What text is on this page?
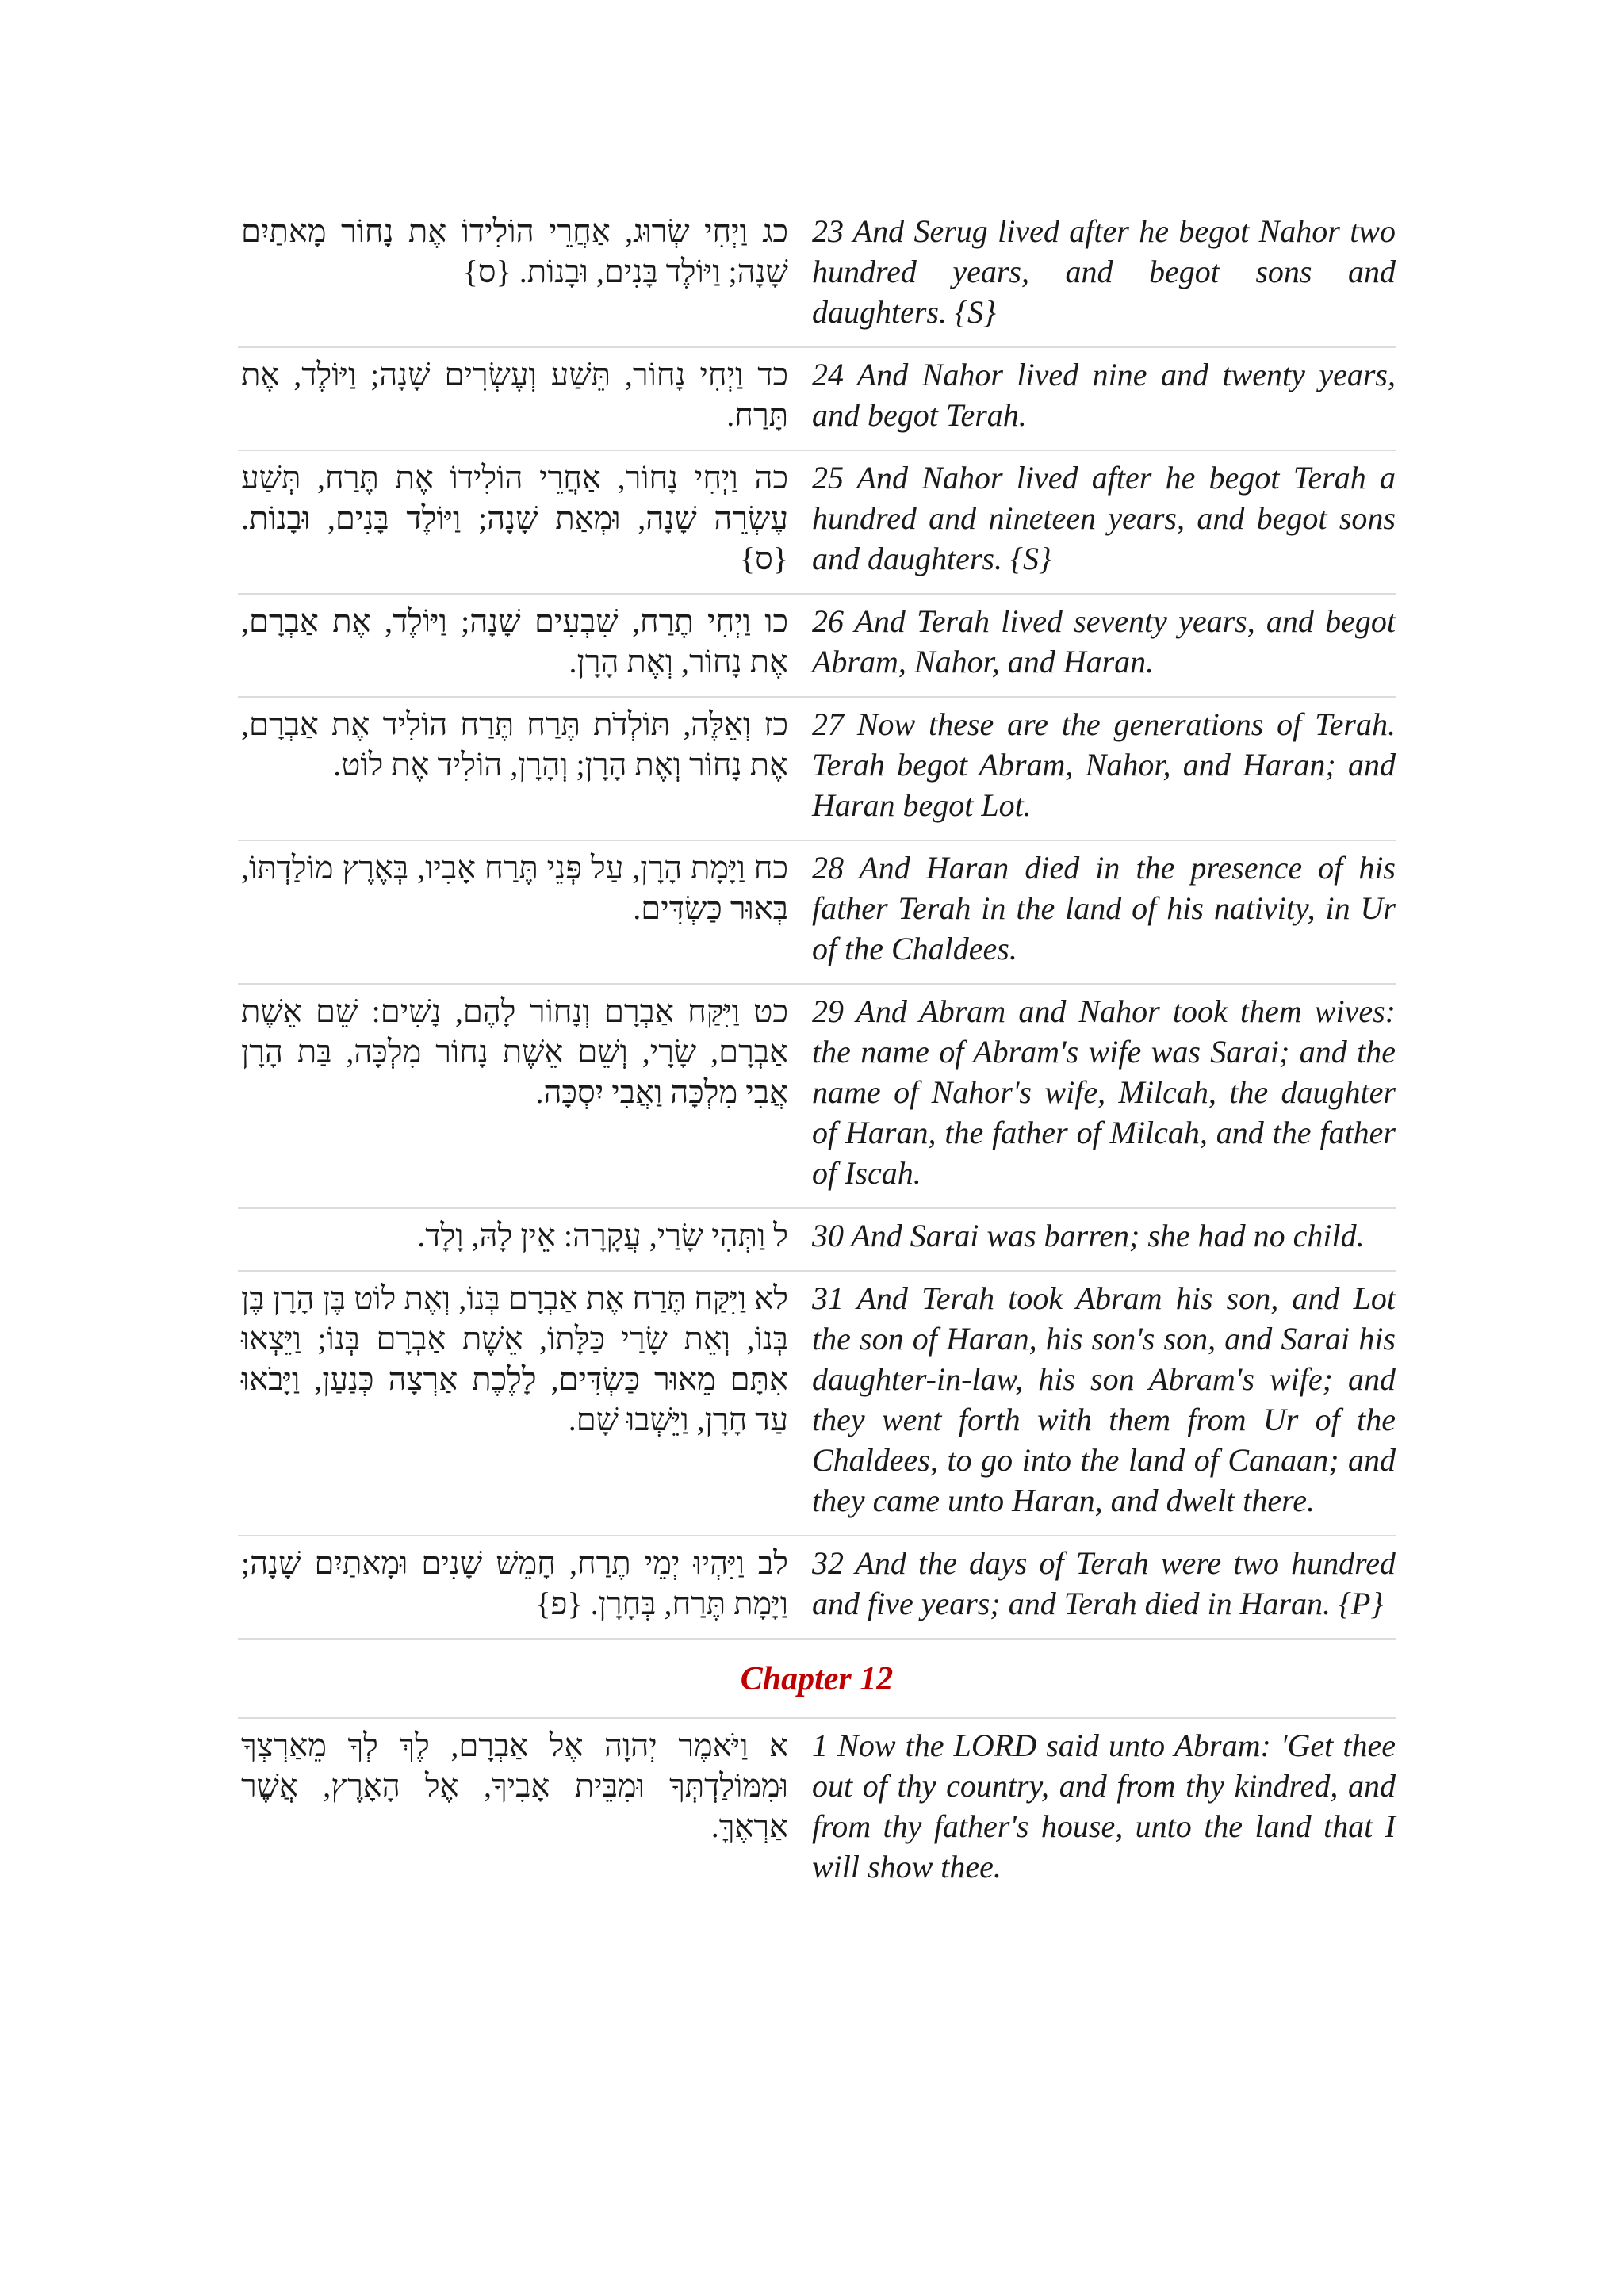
כג וַיְחִי שְׂרוּג, אַחֲרֵי הוֹלִידוֹ אֶת נָחוֹר מָאתַיִם שָׁנָה; וַיּוֹלֶד בָּנִים, וּבָנוֹת. {ס}
23 And Serug lived after he begot Nahor two hundred years, and begot sons and daughters. {S}
כד וַיְחִי נָחוֹר, תֵּשַׁע וְעֶשְׂרִים שָׁנָה; וַיּוֹלֶד, אֶת תָּרַח.
24 And Nahor lived nine and twenty years, and begot Terah.
כה וַיְחִי נָחוֹר, אַחֲרֵי הוֹלִידוֹ אֶת תֶּרַח, תְּשַׁע עֶשְׂרֵה שָׁנָה, וּמְאַת שָׁנָה; וַיּוֹלֶד בָּנִים, וּבָנוֹת. {ס}
25 And Nahor lived after he begot Terah a hundred and nineteen years, and begot sons and daughters. {S}
כו וַיְחִי תֶרַח, שִׁבְעִים שָׁנָה; וַיּוֹלֶד, אֶת אַבְרָם, אֶת נָחוֹר, וְאֶת הָרָן.
26 And Terah lived seventy years, and begot Abram, Nahor, and Haran.
כז וְאֵלֶּה, תּוֹלְדֹת תֶּרַח תֶּרַח הוֹלִיד אֶת אַבְרָם, אֶת נָחוֹר וְאֶת הָרָן; וְהָרָן, הוֹלִיד אֶת לוֹט.
27 Now these are the generations of Terah. Terah begot Abram, Nahor, and Haran; and Haran begot Lot.
כח וַיָּמָת הָרָן, עַל פְּנֵי תֶּרַח אָבִיו, בְּאֶרֶץ מוֹלַדְתּוֹ, בְּאוּר כַּשְׂדִּים.
28 And Haran died in the presence of his father Terah in the land of his nativity, in Ur of the Chaldees.
כט וַיִּקַּח אַבְרָם וְנָחוֹר לָהֶם, נָשִׁים: שֵׁם אֵשֶׁת אַבְרָם, שָׂרָי, וְשֵׁם אֵשֶׁת נָחוֹר מִלְכָּה, בַּת הָרָן אֲבִי מִלְכָּה וַאֲבִי יִסְכָּה.
29 And Abram and Nahor took them wives: the name of Abram's wife was Sarai; and the name of Nahor's wife, Milcah, the daughter of Haran, the father of Milcah, and the father of Iscah.
ל וַתְּהִי שָׂרַי, עֲקָרָה: אֵין לָהּ, וָלָד. 30 And Sarai was barren; she had no child.
לא וַיִּקַּח תֶּרַח אֶת אַבְרָם בְּנוֹ, וְאֶת לוֹט בֶּן הָרָן בֶּן בְּנוֹ, וְאֵת שָׂרַי כַּלָּתוֹ, אֵשֶׁת אַבְרָם בְּנוֹ; וַיֵּצְאוּ אִתָּם מֵאוּר כַּשְׂדִּים, לָלֶכֶת אַרְצָה כְּנַעַן, וַיָּבֹאוּ עַד חָרָן, וַיֵּשְׁבוּ שָׁם.
31 And Terah took Abram his son, and Lot the son of Haran, his son's son, and Sarai his daughter-in-law, his son Abram's wife; and they went forth with them from Ur of the Chaldees, to go into the land of Canaan; and they came unto Haran, and dwelt there.
לב וַיִּהְיוּ יְמֵי תֶרַח, חָמֵשׁ שָׁנִים וּמָאתַיִם שָׁנָה; וַיָּמָת תֶּרַח, בְּחָרָן. {פ}
32 And the days of Terah were two hundred and five years; and Terah died in Haran. {P}
Chapter 12
א וַיֹּאמֶר יְהוָה אֶל אַבְרָם, לֶךְ לְךָ מֵאַרְצְךָ וּמִמּוֹלַדְתְּךָ וּמִבֵּית אָבִיךָ, אֶל הָאָרֶץ, אֲשֶׁר אַרְאֶךָּ.
1 Now the LORD said unto Abram: 'Get thee out of thy country, and from thy kindred, and from thy father's house, unto the land that I will show thee.
